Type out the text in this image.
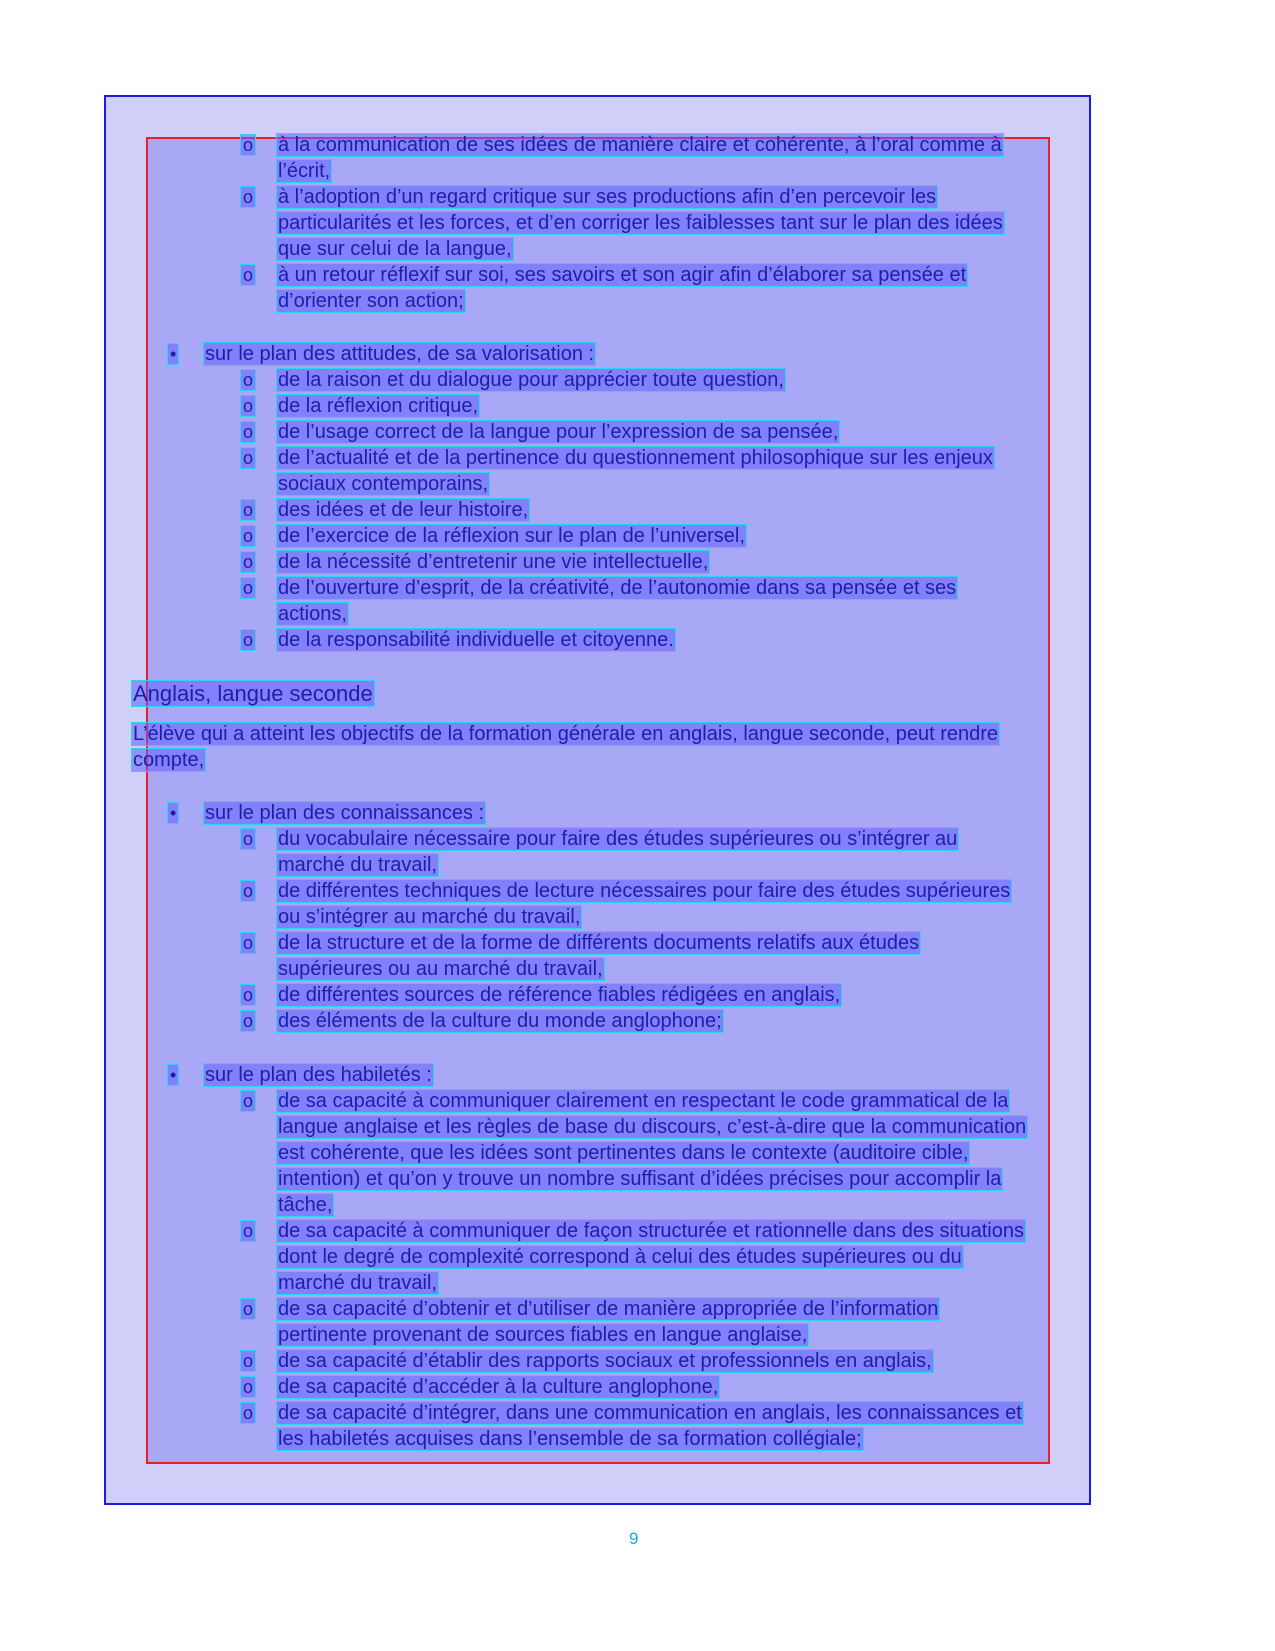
o à la communication de ses idées de manière claire et cohérente, à l’oral comme à
l’écrit,
o à l’adoption d’un regard critique sur ses productions afin d’en percevoir les
particularités et les forces, et d’en corriger les faiblesses tant sur le plan des idées
que sur celui de la langue,
o à un retour réflexif sur soi, ses savoirs et son agir afin d’élaborer sa pensée et
d’orienter son action;
• sur le plan des attitudes, de sa valorisation :
o de la raison et du dialogue pour apprécier toute question,
o de la réflexion critique,
o de l’usage correct de la langue pour l’expression de sa pensée,
o de l’actualité et de la pertinence du questionnement philosophique sur les enjeux
sociaux contemporains,
o des idées et de leur histoire,
o de l’exercice de la réflexion sur le plan de l’universel,
o de la nécessité d’entretenir une vie intellectuelle,
o de l’ouverture d’esprit, de la créativité, de l’autonomie dans sa pensée et ses
actions,
o de la responsabilité individuelle et citoyenne.
Anglais, langue seconde
L’élève qui a atteint les objectifs de la formation générale en anglais, langue seconde, peut rendre
compte,
• sur le plan des connaissances :
o du vocabulaire nécessaire pour faire des études supérieures ou s’intégrer au
marché du travail,
o de différentes techniques de lecture nécessaires pour faire des études supérieures
ou s’intégrer au marché du travail,
o de la structure et de la forme de différents documents relatifs aux études
supérieures ou au marché du travail,
o de différentes sources de référence fiables rédigées en anglais,
o des éléments de la culture du monde anglophone;
• sur le plan des habiletés :
o de sa capacité à communiquer clairement en respectant le code grammatical de la
langue anglaise et les règles de base du discours, c’est-à-dire que la communication
est cohérente, que les idées sont pertinentes dans le contexte (auditoire cible,
intention) et qu’on y trouve un nombre suffisant d’idées précises pour accomplir la
tâche,
o de sa capacité à communiquer de façon structurée et rationnelle dans des situations
dont le degré de complexité correspond à celui des études supérieures ou du
marché du travail,
o de sa capacité d’obtenir et d’utiliser de manière appropriée de l’information
pertinente provenant de sources fiables en langue anglaise,
o de sa capacité d’établir des rapports sociaux et professionnels en anglais,
o de sa capacité d’accéder à la culture anglophone,
o de sa capacité d’intégrer, dans une communication en anglais, les connaissances et
les habiletés acquises dans l’ensemble de sa formation collégiale;
9
